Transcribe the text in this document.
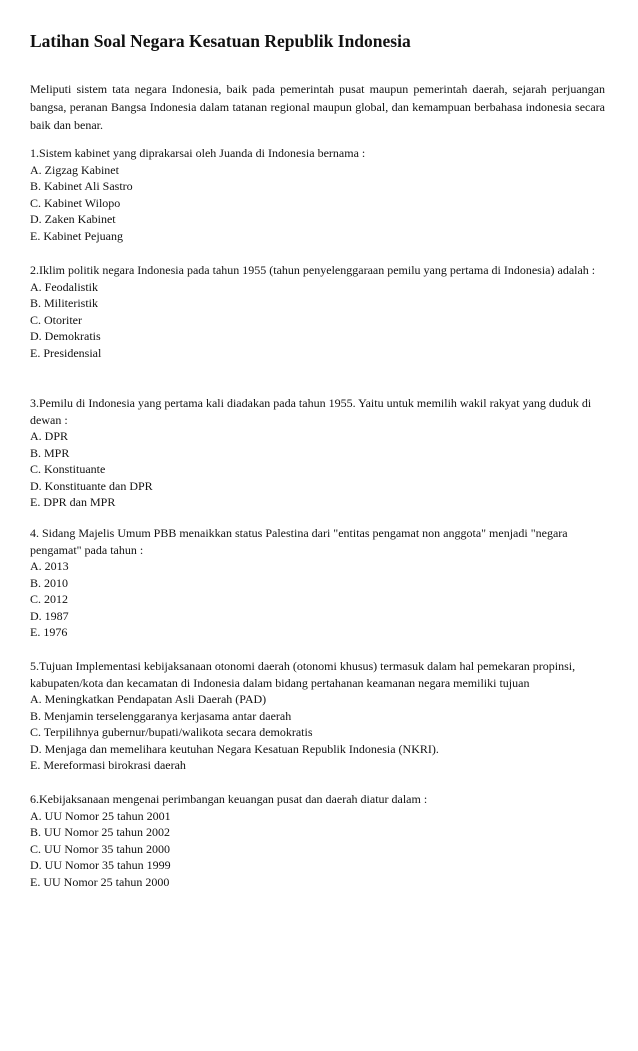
Latihan Soal Negara Kesatuan Republik Indonesia
Meliputi sistem tata negara Indonesia, baik pada pemerintah pusat maupun pemerintah daerah, sejarah perjuangan bangsa, peranan Bangsa Indonesia dalam tatanan regional maupun global, dan kemampuan berbahasa indonesia secara baik dan benar.
1.Sistem kabinet yang diprakarsai oleh Juanda di Indonesia bernama :
A. Zigzag Kabinet
B. Kabinet Ali Sastro
C. Kabinet Wilopo
D. Zaken Kabinet
E. Kabinet Pejuang
2.Iklim politik negara Indonesia pada tahun 1955 (tahun penyelenggaraan pemilu yang pertama di Indonesia) adalah :
A. Feodalistik
B. Militeristik
C. Otoriter
D. Demokratis
E. Presidensial
3.Pemilu di Indonesia yang pertama kali diadakan pada tahun 1955. Yaitu untuk memilih wakil rakyat yang duduk di dewan :
A. DPR
B. MPR
C. Konstituante
D. Konstituante dan DPR
E. DPR dan MPR
4. Sidang Majelis Umum PBB menaikkan status Palestina dari "entitas pengamat non anggota" menjadi "negara pengamat" pada tahun :
A. 2013
B. 2010
C. 2012
D. 1987
E. 1976
5.Tujuan Implementasi kebijaksanaan otonomi daerah (otonomi khusus) termasuk dalam hal pemekaran propinsi, kabupaten/kota dan kecamatan di Indonesia dalam bidang pertahanan keamanan negara memiliki tujuan
A. Meningkatkan Pendapatan Asli Daerah (PAD)
B. Menjamin terselenggaranya kerjasama antar daerah
C. Terpilihnya gubernur/bupati/walikota secara demokratis
D. Menjaga dan memelihara keutuhan Negara Kesatuan Republik Indonesia (NKRI).
E. Mereformasi birokrasi daerah
6.Kebijaksanaan mengenai perimbangan keuangan pusat dan daerah diatur dalam :
A. UU Nomor 25 tahun 2001
B. UU Nomor 25 tahun 2002
C. UU Nomor 35 tahun 2000
D. UU Nomor 35 tahun 1999
E. UU Nomor 25 tahun 2000
